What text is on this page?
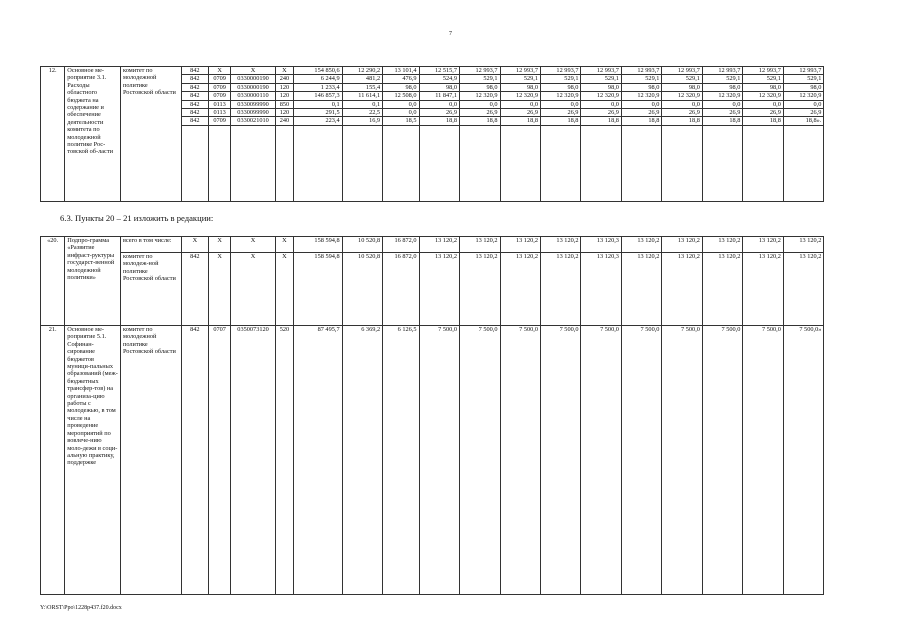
7
12.	Основное ме-роприятие 3.1. Расходы областного бюджета на содержание и обеспечение деятельности комитета по молодежной политике Рос-товской об-ласти	комитет по молодежной политике Ростовской области	842	X	X	X	154 850,6	12 290,2	13 101,4	12 515,7	12 993,7	12 993,7	12 993,7	12 993,7	12 993,7	12 993,7	12 993,7	12 993,7	12 993,7
			842	0709	0330000190	240	6 244,9	481,2	476,9	524,9	529,1	529,1	529,1	529,1	529,1	529,1	529,1	529,1	529,1
			842	0709	0330000190	120	1 233,4	155,4	98,0	98,0	98,0	98,0	98,0	98,0	98,0	98,0	98,0	98,0	98,0
			842	0709	0330000110	120	146 857,3	11 614,1	12 508,0	11 847,1	12 320,9	12 320,9	12 320,9	12 320,9	12 320,9	12 320,9	12 320,9	12 320,9	12 320,9
			842	0113	0330099990	850	0,1	0,1	0,0	0,0	0,0	0,0	0,0	0,0	0,0	0,0	0,0	0,0	0,0
			842	0113	0330099990	120	291,5	22,5	0,0	26,9	26,9	26,9	26,9	26,9	26,9	26,9	26,9	26,9	26,9
			842	0709	0330021010	240	223,4	16,9	18,5	18,8	18,8	18,8	18,8	18,8	18,8	18,8	18,8	18,8	18,8».

6.3. Пункты 20 – 21 изложить в редакции:
«20.	Подпро-грамма «Развитие инфраст-руктуры государст-венной молодежной политики»	всего в том числе:	X	X	X	X	158 594,8	10 520,8	16 872,0	13 120,2	13 120,2	13 120,2	13 120,2	13 120,3	13 120,2	13 120,2	13 120,2	13 120,2	13 120,2
		комитет по молодеж-ной политике Ростовской области	842	X	X	X	158 594,8	10 520,8	16 872,0	13 120,2	13 120,2	13 120,2	13 120,2	13 120,3	13 120,2	13 120,2	13 120,2	13 120,2	13 120,2
21.	Основное ме-роприятие 5.1. Софинан-сирование бюджетов муници-пальных образований (меж-бюджетных трансфер-тов) на организа-цию работы с молодежью, в том числе на проведение мероприятий по вовлече-нию моло-дежи в соци-альную практику, поддержке	комитет по молодежной политике Ростовской области	842	0707	0350073120	520	87 495,7	6 369,2	6 126,5	7 500,0	7 500,0	7 500,0	7 500,0	7 500,0	7 500,0	7 500,0	7 500,0	7 500,0	7 500,0»
Y:\ORST\Ppo\1228p437.f20.docx
